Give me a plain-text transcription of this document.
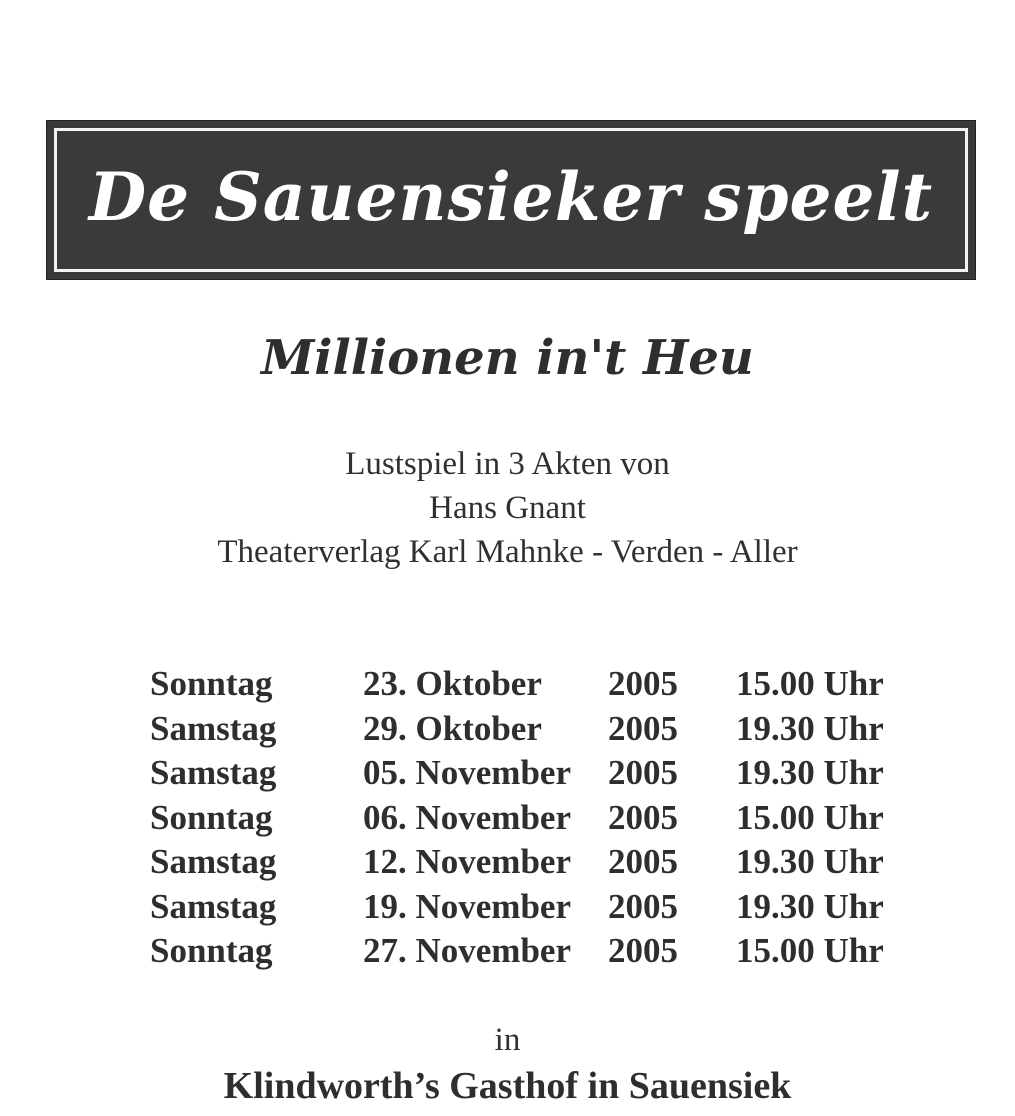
De Sauensieker speelt
Millionen in't Heu
Lustspiel in 3 Akten von
Hans Gnant
Theaterverlag Karl Mahnke - Verden - Aller
Sonntag	23. Oktober 2005 15.00 Uhr
Samstag 29. Oktober 2005 19.30 Uhr
Samstag 05. November 2005 19.30 Uhr
Sonntag	06. November 2005 15.00 Uhr
Samstag 12. November 2005 19.30 Uhr
Samstag 19. November 2005 19.30 Uhr
Sonntag	27. November 2005 15.00 Uhr
in
Klindworth’s Gasthof in Sauensiek
